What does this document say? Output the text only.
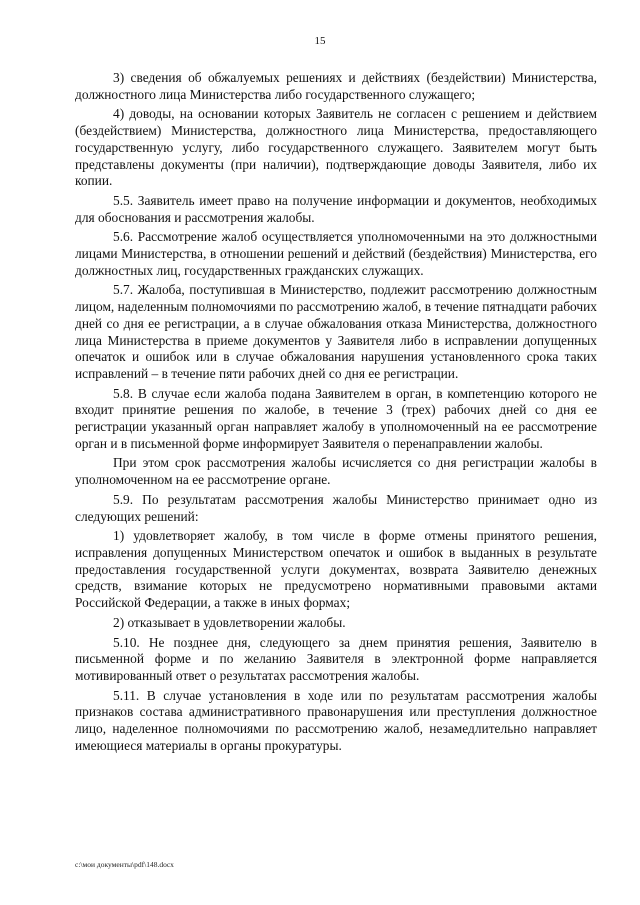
15

3) сведения об обжалуемых решениях и действиях (бездействии) Министерства, должностного лица Министерства либо государственного служащего;

4) доводы, на основании которых Заявитель не согласен с решением и действием (бездействием) Министерства, должностного лица Министерства, предоставляющего государственную услугу, либо государственного служащего. Заявителем могут быть представлены документы (при наличии), подтверждающие доводы Заявителя, либо их копии.

5.5. Заявитель имеет право на получение информации и документов, необходимых для обоснования и рассмотрения жалобы.

5.6. Рассмотрение жалоб осуществляется уполномоченными на это должностными лицами Министерства, в отношении решений и действий (бездействия) Министерства, его должностных лиц, государственных гражданских служащих.

5.7. Жалоба, поступившая в Министерство, подлежит рассмотрению должностным лицом, наделенным полномочиями по рассмотрению жалоб, в течение пятнадцати рабочих дней со дня ее регистрации, а в случае обжалования отказа Министерства, должностного лица Министерства в приеме документов у Заявителя либо в исправлении допущенных опечаток и ошибок или в случае обжалования нарушения установленного срока таких исправлений – в течение пяти рабочих дней со дня ее регистрации.

5.8. В случае если жалоба подана Заявителем в орган, в компетенцию которого не входит принятие решения по жалобе, в течение 3 (трех) рабочих дней со дня ее регистрации указанный орган направляет жалобу в уполномоченный на ее рассмотрение орган и в письменной форме информирует Заявителя о перенаправлении жалобы.

При этом срок рассмотрения жалобы исчисляется со дня регистрации жалобы в уполномоченном на ее рассмотрение органе.

5.9. По результатам рассмотрения жалобы Министерство принимает одно из следующих решений:

1) удовлетворяет жалобу, в том числе в форме отмены принятого решения, исправления допущенных Министерством опечаток и ошибок в выданных в результате предоставления государственной услуги документах, возврата Заявителю денежных средств, взимание которых не предусмотрено нормативными правовыми актами Российской Федерации, а также в иных формах;

2) отказывает в удовлетворении жалобы.

5.10. Не позднее дня, следующего за днем принятия решения, Заявителю в письменной форме и по желанию Заявителя в электронной форме направляется мотивированный ответ о результатах рассмотрения жалобы.

5.11. В случае установления в ходе или по результатам рассмотрения жалобы признаков состава административного правонарушения или преступления должностное лицо, наделенное полномочиями по рассмотрению жалоб, незамедлительно направляет имеющиеся материалы в органы прокуратуры.

c:\мои документы\pdf\148.docx
